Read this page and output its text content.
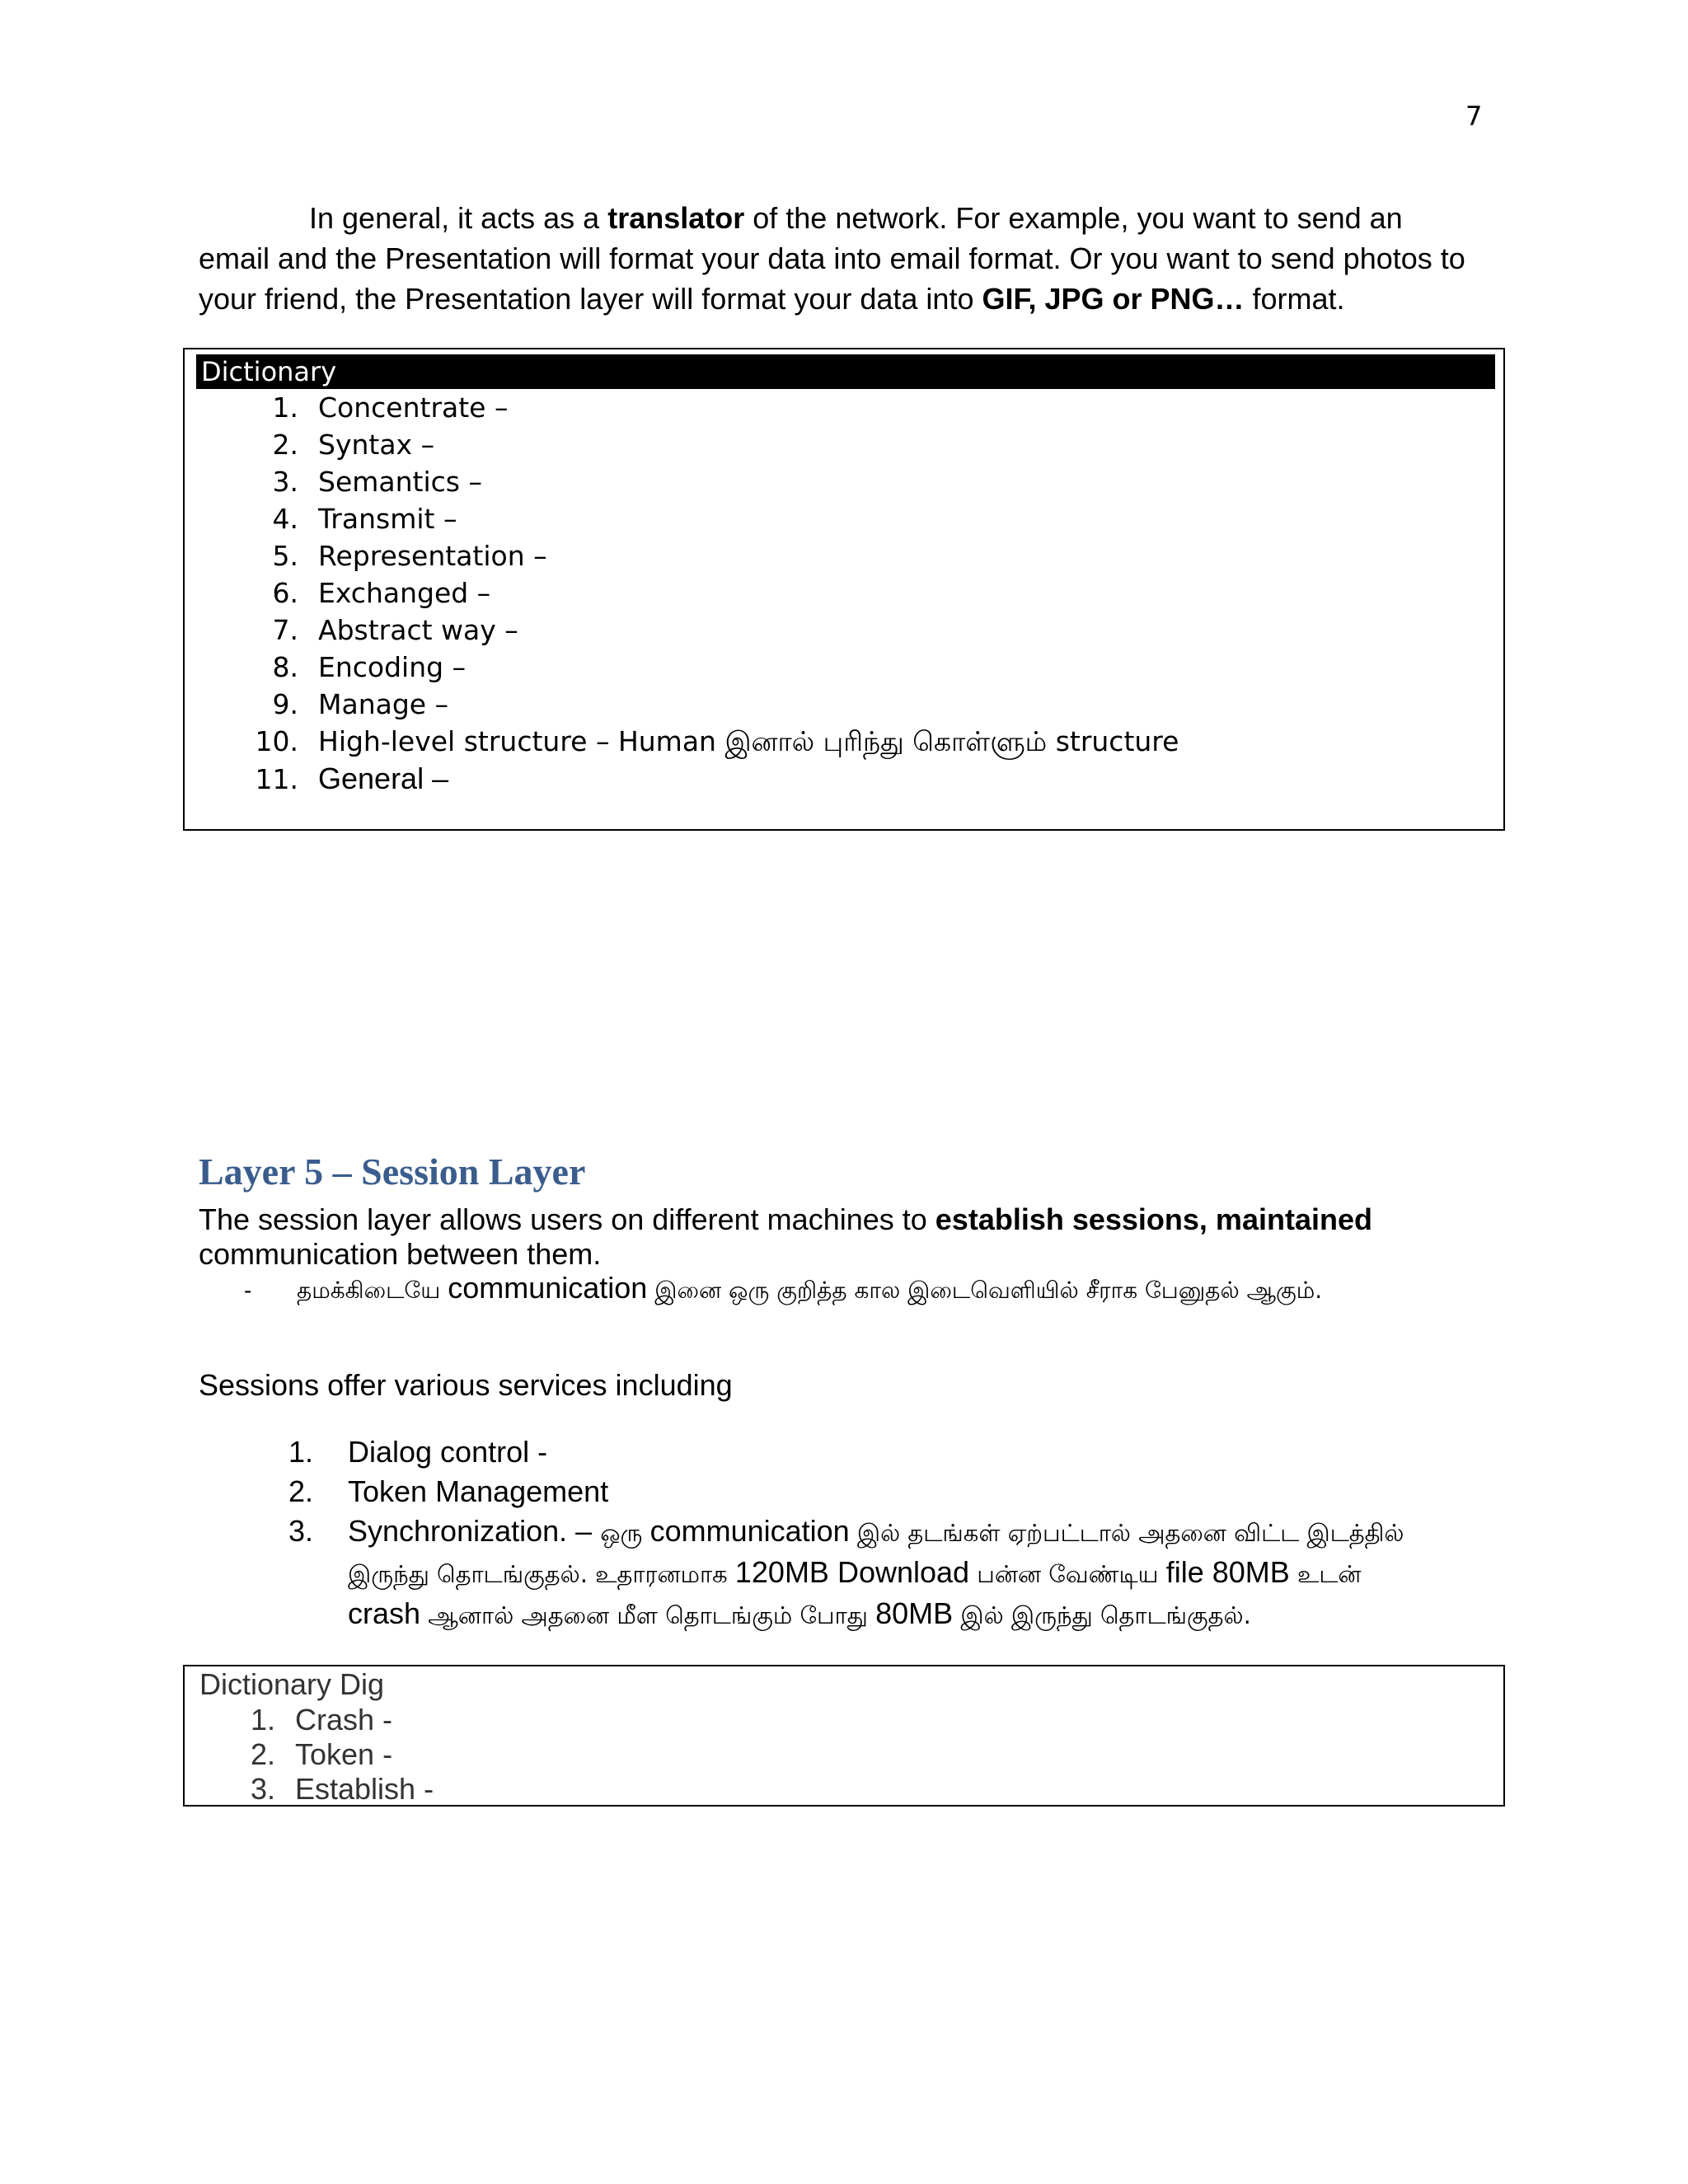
7
In general, it acts as a translator of the network. For example, you want to send an email and the Presentation will format your data into email format. Or you want to send photos to your friend, the Presentation layer will format your data into GIF, JPG or PNG… format.
Dictionary
1. Concentrate –
2. Syntax –
3. Semantics –
4. Transmit –
5. Representation –
6. Exchanged –
7. Abstract way –
8. Encoding –
9. Manage –
10. High-level structure – Human இனால் புரிந்து கொள்ளும் structure
11. General –
Layer 5 – Session Layer
The session layer allows users on different machines to establish sessions, maintained communication between them.
- தமக்கிடையே communication இனை ஒரு குறித்த கால இடைவெளியில் சீராக பேனுதல் ஆகும்.
Sessions offer various services including
1. Dialog control -
2. Token Management
3. Synchronization. – ஒரு communication இல் தடங்கள் ஏற்பட்டால் அதனை விட்ட இடத்தில்
இருந்து தொடங்குதல். உதாரனமாக 120MB Download பன்ன வேண்டிய file 80MB உடன்
crash ஆனால் அதனை மீள தொடங்கும் போது 80MB இல் இருந்து தொடங்குதல்.
Dictionary Dig
1. Crash -
2. Token -
3. Establish -
